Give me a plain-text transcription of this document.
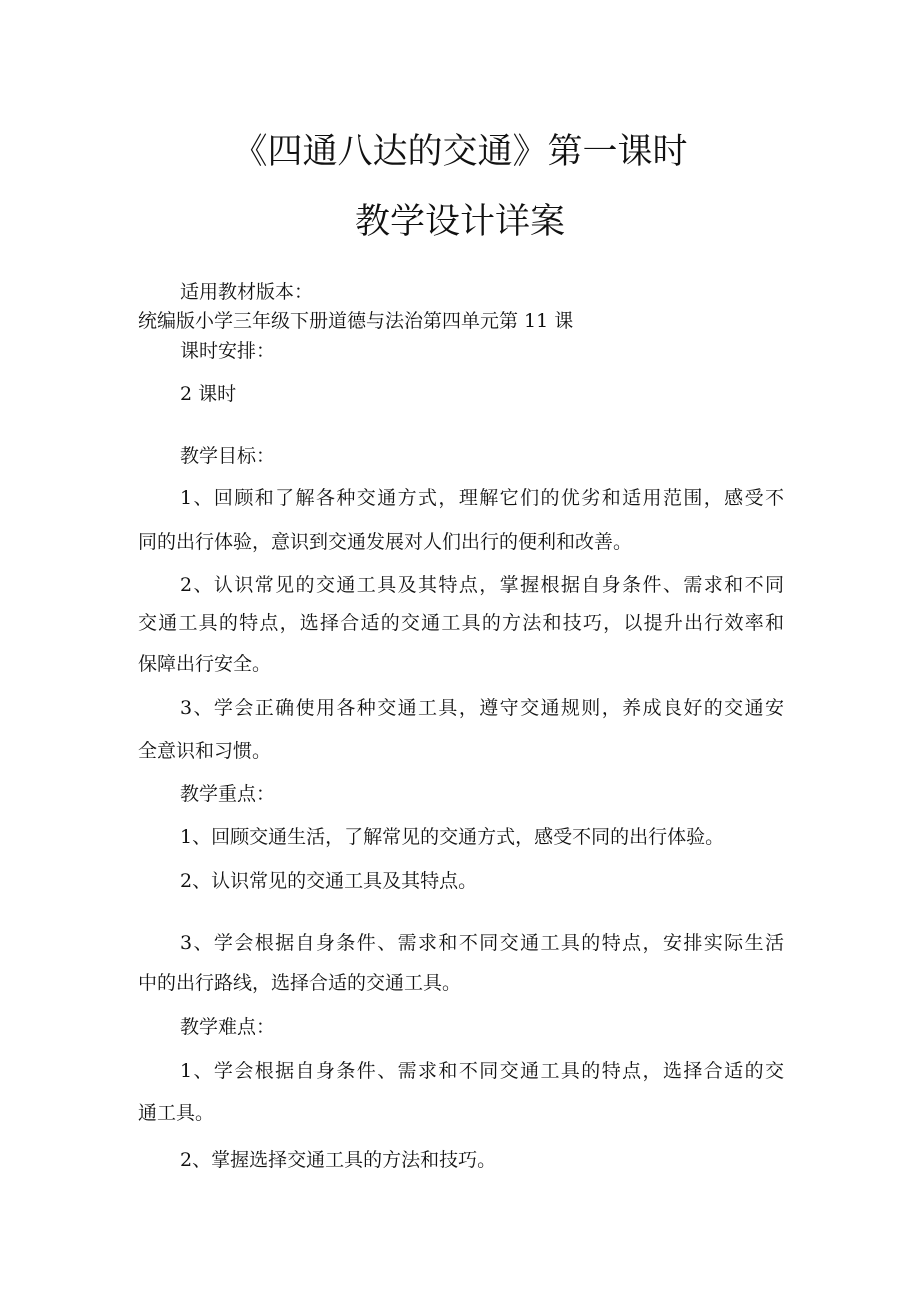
《四通八达的交通》第一课时
教学设计详案
适用教材版本：
统编版小学三年级下册道德与法治第四单元第 11 课
课时安排：
2 课时
教学目标：
1、回顾和了解各种交通方式，理解它们的优劣和适用范围，感受不
同的出行体验，意识到交通发展对人们出行的便利和改善。
2、认识常见的交通工具及其特点，掌握根据自身条件、需求和不同
交通工具的特点，选择合适的交通工具的方法和技巧，以提升出行效率和
保障出行安全。
3、学会正确使用各种交通工具，遵守交通规则，养成良好的交通安
全意识和习惯。
教学重点：
1、回顾交通生活，了解常见的交通方式，感受不同的出行体验。
2、认识常见的交通工具及其特点。
3、学会根据自身条件、需求和不同交通工具的特点，安排实际生活
中的出行路线，选择合适的交通工具。
教学难点：
1、学会根据自身条件、需求和不同交通工具的特点，选择合适的交
通工具。
2、掌握选择交通工具的方法和技巧。
